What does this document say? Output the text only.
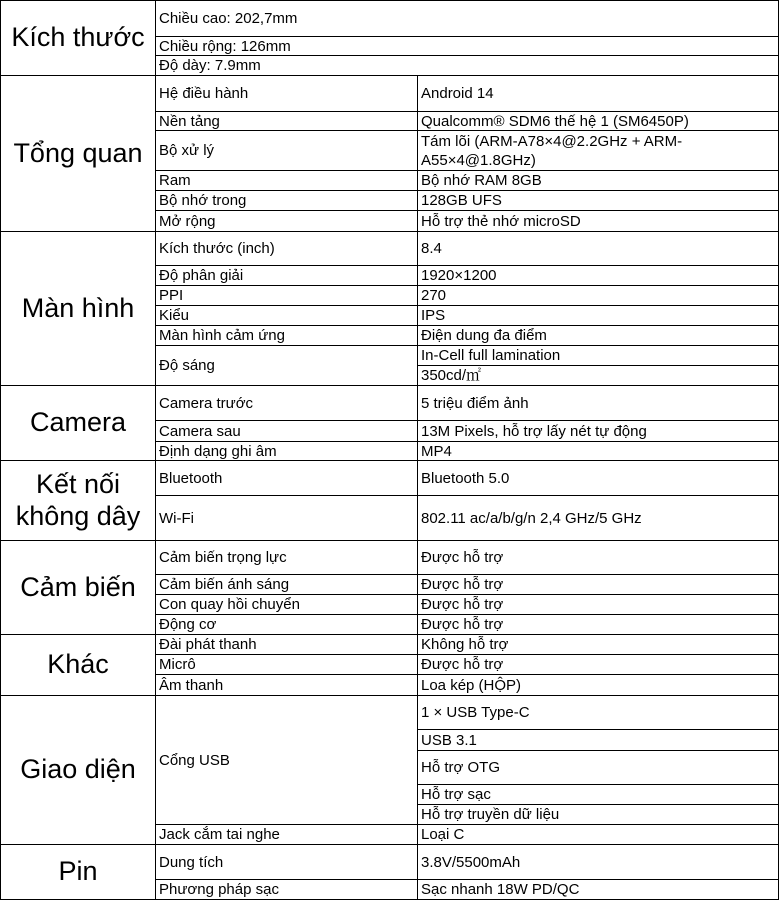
Kích thước
Chiều cao: 202,7mm
Chiều rộng: 126mm
Độ dày: 7.9mm
Tổng quan
Hệ điều hành
Nền tảng
Bộ xử lý
Ram
Bộ nhớ trong
Mở rộng
Android 14
Qualcomm® SDM6 thế hệ 1 (SM6450P)
Tám lõi (ARM-A78×4@2.2GHz + ARM-A55×4@1.8GHz)
Bộ nhớ RAM 8GB
128GB UFS
Hỗ trợ thẻ nhớ microSD
Màn hình
Kích thước (inch)
Độ phân giải
PPI
Kiểu
Màn hình cảm ứng
Độ sáng
8.4
1920×1200
270
IPS
Điện dung đa điểm
In-Cell full lamination
350cd/㎡
Camera
Camera trước
Camera sau
Định dạng ghi âm
5 triệu điểm ảnh
13M Pixels, hỗ trợ lấy nét tự động
MP4
Kết nối không dây
Bluetooth
Wi-Fi
Bluetooth 5.0
802.11 ac/a/b/g/n 2,4 GHz/5 GHz
Cảm biến
Cảm biến trọng lực
Cảm biến ánh sáng
Con quay hồi chuyển
Động cơ
Được hỗ trợ
Được hỗ trợ
Được hỗ trợ
Được hỗ trợ
Khác
Đài phát thanh
Micrô
Âm thanh
Không hỗ trợ
Được hỗ trợ
Loa kép (HỘP)
Giao diện	Cổng USB
Jack cắm tai nghe
1 × USB Type-C
USB 3.1
Hỗ trợ OTG
Hỗ trợ sạc
Hỗ trợ truyền dữ liệu
Loại C
Pin	Dung tích
Phương pháp sạc
3.8V/5500mAh
Sạc nhanh 18W PD/QC
